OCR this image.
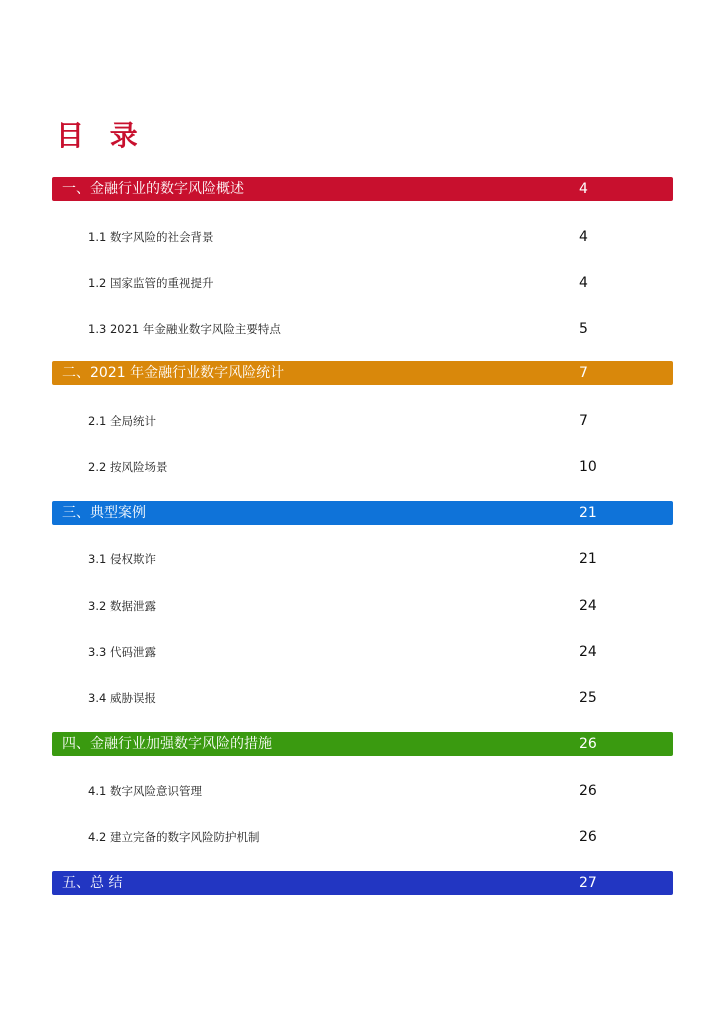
目 录
一、金融行业的数字风险概述	4
1.1 数字风险的社会背景	4
1.2 国家监管的重视提升	4
1.3 2021 年金融业数字风险主要特点	5
二、2021 年金融行业数字风险统计	7
2.1 全局统计	7
2.2 按风险场景	10
三、典型案例	21
3.1 侵权欺诈	21
3.2 数据泄露	24
3.3 代码泄露	24
3.4 威胁误报	25
四、金融行业加强数字风险的措施	26
4.1 数字风险意识管理	26
4.2 建立完备的数字风险防护机制	26
五、总 结	27
